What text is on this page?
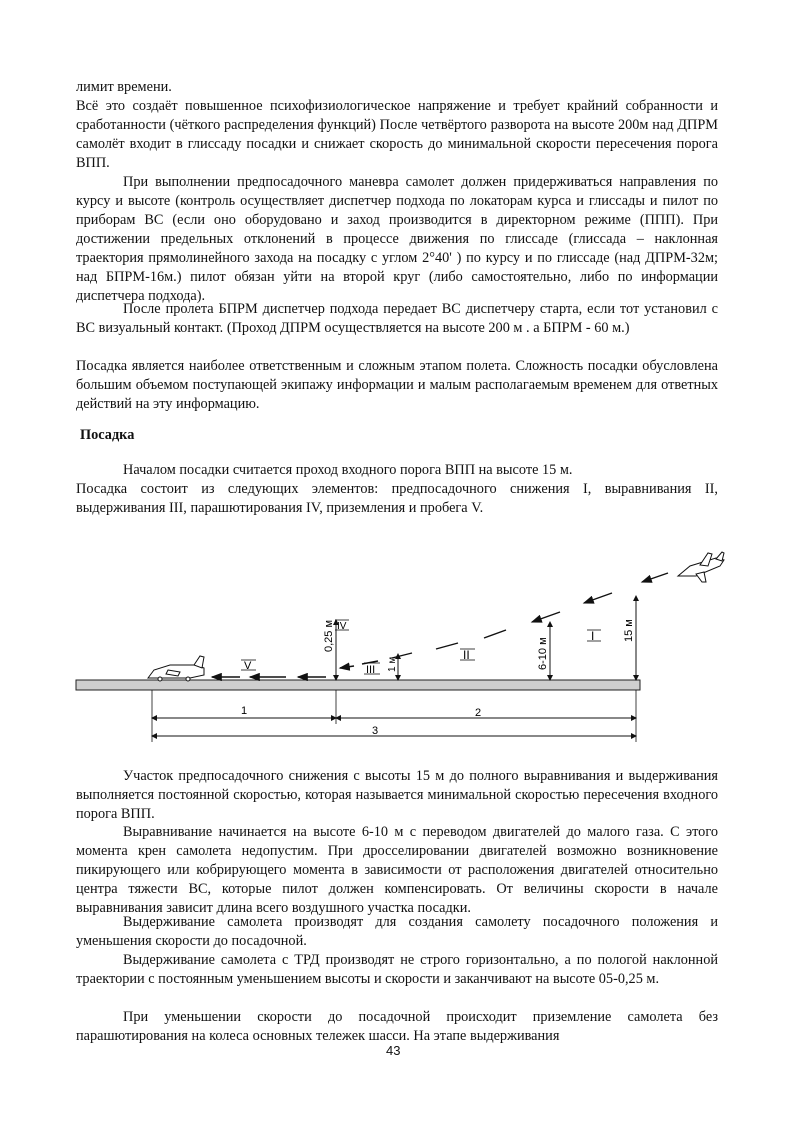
лимит времени.
Всё это создаёт повышенное психофизиологическое напряжение и требует крайний собранности и сработанности (чёткого распределения функций) После четвёртого разворота на высоте 200м над ДПРМ самолёт входит в глиссаду посадки и снижает скорость до минимальной скорости пересечения порога ВПП.
При выполнении предпосадочного маневра самолет должен придерживаться направления по курсу и высоте (контроль осуществляет диспетчер подхода по локаторам курса и глиссады и пилот по приборам ВС (если оно оборудовано и заход производится в директорном режиме (ППП). При достижении предельных отклонений в процессе движения по глиссаде (глиссада – наклонная траектория прямолинейного захода на посадку с углом 2°40' ) по курсу и по глиссаде (над ДПРМ-32м; над БПРМ-16м.) пилот обязан уйти на второй круг (либо самостоятельно, либо по информации диспетчера подхода).
После пролета БПРМ диспетчер подхода передает ВС диспетчеру старта, если тот установил с ВС визуальный контакт. (Проход ДПРМ осуществляется на высоте 200 м . а БПРМ - 60 м.)
Посадка является наиболее ответственным и сложным этапом полета. Сложность посадки обусловлена большим объемом поступающей экипажу информации и малым располагаемым временем для ответных действий на эту информацию.
Посадка
Началом посадки считается проход входного порога ВПП на высоте 15 м.
Посадка состоит из следующих элементов: предпосадочного снижения I, выравнивания II, выдерживания III, парашютирования IV, приземления и пробега V.
15 м
6-10 м
1 м
0,25 м	I
II
III
IV
V
1	2
3
Участок предпосадочного снижения с высоты 15 м до полного выравнивания и выдерживания выполняется постоянной скоростью, которая называется минимальной скоростью пересечения входного порога ВПП.
Выравнивание начинается на высоте 6-10 м с переводом двигателей до малого газа. С этого момента крен самолета недопустим. При дросселировании двигателей возможно возникновение пикирующего или кобрирующего момента в зависимости от расположения двигателей относительно центра тяжести ВС, которые пилот должен компенсировать. От величины скорости в начале выравнивания зависит длина всего воздушного участка посадки.
Выдерживание самолета производят для создания самолету посадочного положения и уменьшения скорости до посадочной.
Выдерживание самолета с ТРД производят не строго горизонтально, а по пологой наклонной траектории с постоянным уменьшением высоты и скорости и заканчивают на высоте 05-0,25 м.
При уменьшении скорости до посадочной происходит приземление самолета без парашютирования на колеса основных тележек шасси. На этапе выдерживания
43
